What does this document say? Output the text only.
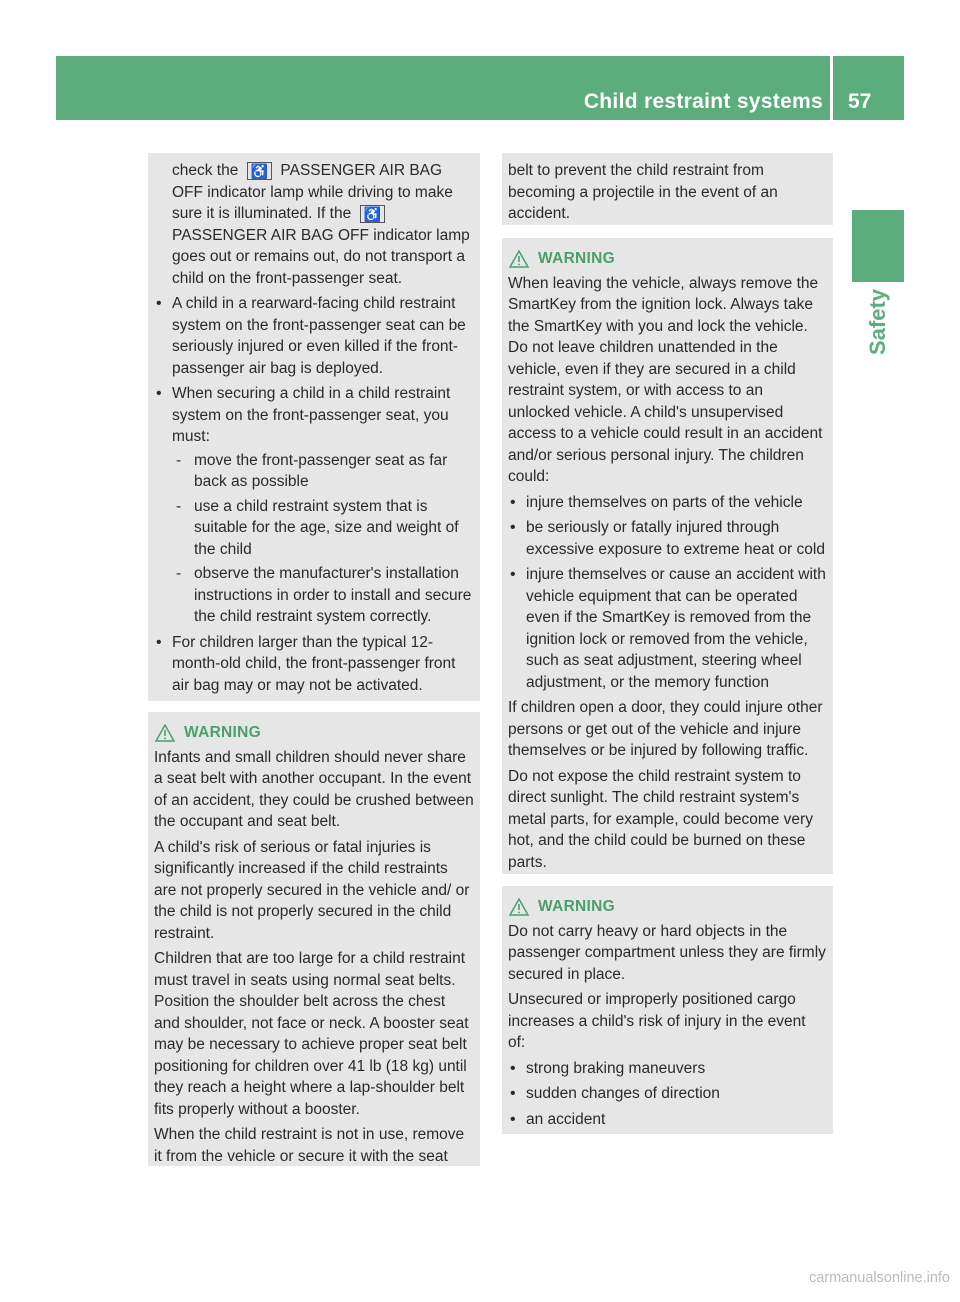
Child restraint systems 57
Safety
check the ♿ PASSENGER AIR BAG OFF indicator lamp while driving to make sure it is illuminated. If the ♿ PASSENGER AIR BAG OFF indicator lamp goes out or remains out, do not transport a child on the front-passenger seat.
• A child in a rearward-facing child restraint system on the front-passenger seat can be seriously injured or even killed if the front-passenger air bag is deployed.
• When securing a child in a child restraint system on the front-passenger seat, you must:
- move the front-passenger seat as far back as possible
- use a child restraint system that is suitable for the age, size and weight of the child
- observe the manufacturer's installation instructions in order to install and secure the child restraint system correctly.
• For children larger than the typical 12-month-old child, the front-passenger front air bag may or may not be activated.
WARNING

Infants and small children should never share a seat belt with another occupant. In the event of an accident, they could be crushed between the occupant and seat belt.

A child's risk of serious or fatal injuries is significantly increased if the child restraints are not properly secured in the vehicle and/ or the child is not properly secured in the child restraint.

Children that are too large for a child restraint must travel in seats using normal seat belts. Position the shoulder belt across the chest and shoulder, not face or neck. A booster seat may be necessary to achieve proper seat belt positioning for children over 41 lb (18 kg) until they reach a height where a lap-shoulder belt fits properly without a booster.

When the child restraint is not in use, remove it from the vehicle or secure it with the seat

belt to prevent the child restraint from becoming a projectile in the event of an accident.

WARNING

When leaving the vehicle, always remove the SmartKey from the ignition lock. Always take the SmartKey with you and lock the vehicle. Do not leave children unattended in the vehicle, even if they are secured in a child restraint system, or with access to an unlocked vehicle. A child's unsupervised access to a vehicle could result in an accident and/or serious personal injury. The children could:

• injure themselves on parts of the vehicle
• be seriously or fatally injured through excessive exposure to extreme heat or cold
• injure themselves or cause an accident with vehicle equipment that can be operated even if the SmartKey is removed from the ignition lock or removed from the vehicle, such as seat adjustment, steering wheel adjustment, or the memory function

If children open a door, they could injure other persons or get out of the vehicle and injure themselves or be injured by following traffic.

Do not expose the child restraint system to direct sunlight. The child restraint system's metal parts, for example, could become very hot, and the child could be burned on these parts.

WARNING

Do not carry heavy or hard objects in the passenger compartment unless they are firmly secured in place.

Unsecured or improperly positioned cargo increases a child's risk of injury in the event of:

• strong braking maneuvers
• sudden changes of direction
• an accident
carmanualsonline.info
